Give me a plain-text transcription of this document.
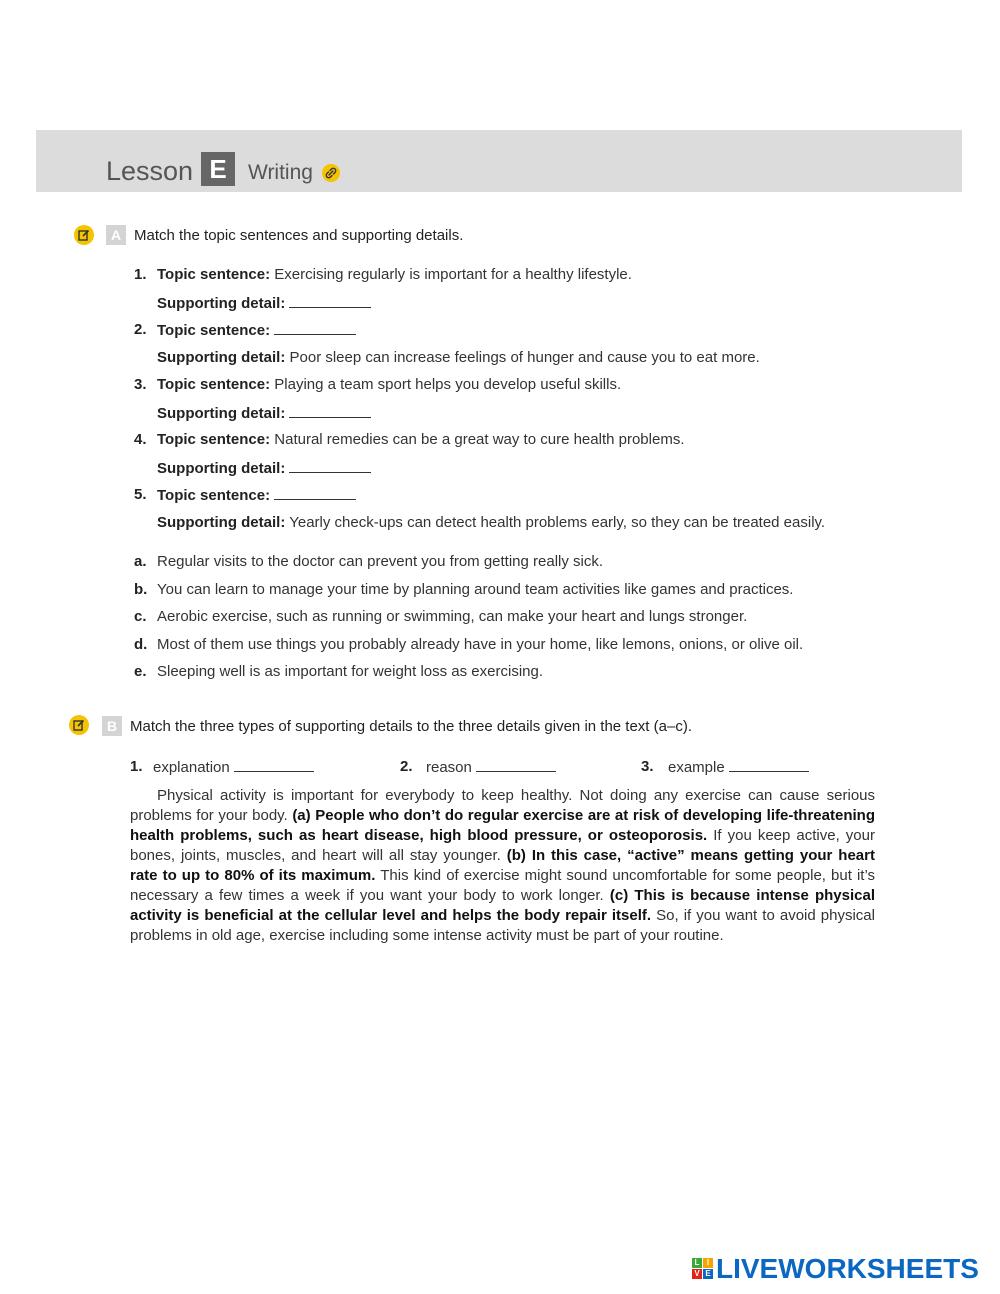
Lesson E	Writing
A Match the topic sentences and supporting details.
1. Topic sentence: Exercising regularly is important for a healthy lifestyle.
Supporting detail:
2. Topic sentence:
Supporting detail: Poor sleep can increase feelings of hunger and cause you to eat more.
3. Topic sentence: Playing a team sport helps you develop useful skills.
Supporting detail:
4. Topic sentence: Natural remedies can be a great way to cure health problems.
Supporting detail:
5. Topic sentence:
Supporting detail: Yearly check-ups can detect health problems early, so they can be treated easily.
a. Regular visits to the doctor can prevent you from getting really sick.
b. You can learn to manage your time by planning around team activities like games and practices.
c. Aerobic exercise, such as running or swimming, can make your heart and lungs stronger.
d. Most of them use things you probably already have in your home, like lemons, onions, or olive oil.
e. Sleeping well is as important for weight loss as exercising.
B Match the three types of supporting details to the three details given in the text (a–c).
1. explanation	2. reason	3. example

Physical activity is important for everybody to keep healthy. Not doing any exercise can cause serious problems for your body. (a) People who don’t do regular exercise are at risk of developing life-threatening health problems, such as heart disease, high blood pressure, or osteoporosis. If you keep active, your bones, joints, muscles, and heart will all stay younger. (b) In this case, “active” means getting your heart rate to up to 80% of its maximum. This kind of exercise might sound uncomfortable for some people, but it’s necessary a few times a week if you want your body to work longer. (c) This is because intense physical activity is beneficial at the cellular level and helps the body repair itself. So, if you want to avoid physical problems in old age, exercise including some intense activity must be part of your routine.

L I
V E LIVEWORKSHEETS
